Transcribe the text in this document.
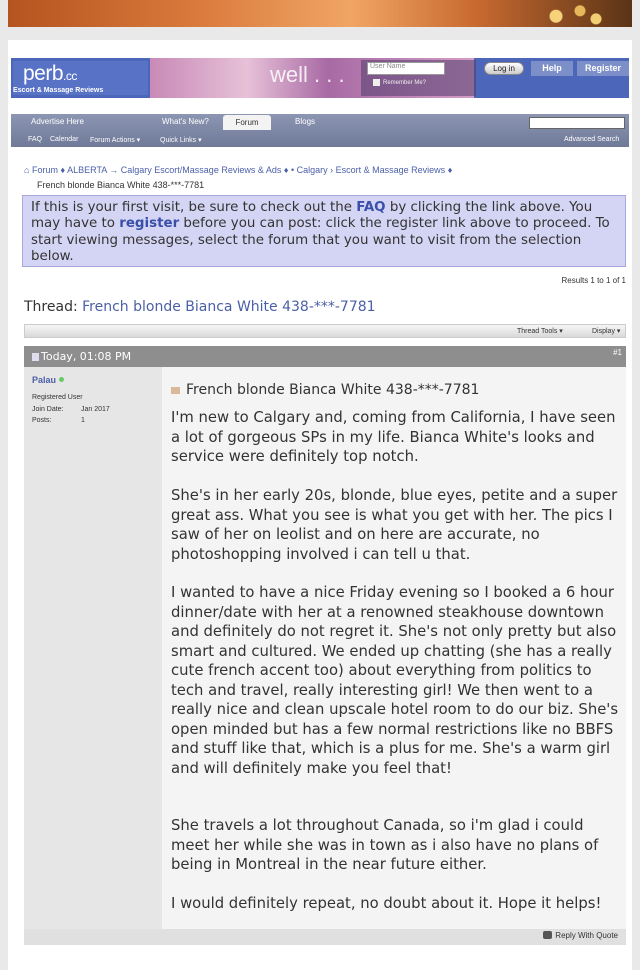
perb.cc
Escort & Massage Reviews
well . . .	User Name
Remember Me?
Log in	Help	Register
Advertise Here	What's New?	Forum	Blogs
FAQ Calendar Forum Actions ▾	Quick Links ▾	Advanced Search
⌂ Forum ♦ ALBERTA → Calgary Escort/Massage Reviews & Ads ♦ • Calgary › Escort & Massage Reviews ♦
French blonde Bianca White 438-***-7781
If this is your first visit, be sure to check out the FAQ by clicking the link above. You may have to register before you can post: click the register link above to proceed. To start viewing messages, select the forum that you want to visit from the selection below.
Results 1 to 1 of 1
Thread: French blonde Bianca White 438-***-7781
Thread Tools ▾	Display ▾
Today, 01:08 PM	#1
Palau
Registered User
Join Date: Jan 2017
Posts:	1
French blonde Bianca White 438-***-7781
I'm new to Calgary and, coming from California, I have seen a lot of gorgeous SPs in my life. Bianca White's looks and service were definitely top notch.
She's in her early 20s, blonde, blue eyes, petite and a super great ass. What you see is what you get with her. The pics I saw of her on leolist and on here are accurate, no photoshopping involved i can tell u that.
I wanted to have a nice Friday evening so I booked a 6 hour dinner/date with her at a renowned steakhouse downtown and definitely do not regret it. She's not only pretty but also smart and cultured. We ended up chatting (she has a really cute french accent too) about everything from politics to tech and travel, really interesting girl! We then went to a really nice and clean upscale hotel room to do our biz. She's open minded but has a few normal restrictions like no BBFS and stuff like that, which is a plus for me. She's a warm girl and will definitely make you feel that!
She travels a lot throughout Canada, so i'm glad i could meet her while she was in town as i also have no plans of being in Montreal in the near future either.
I would definitely repeat, no doubt about it. Hope it helps!
Reply With Quote
